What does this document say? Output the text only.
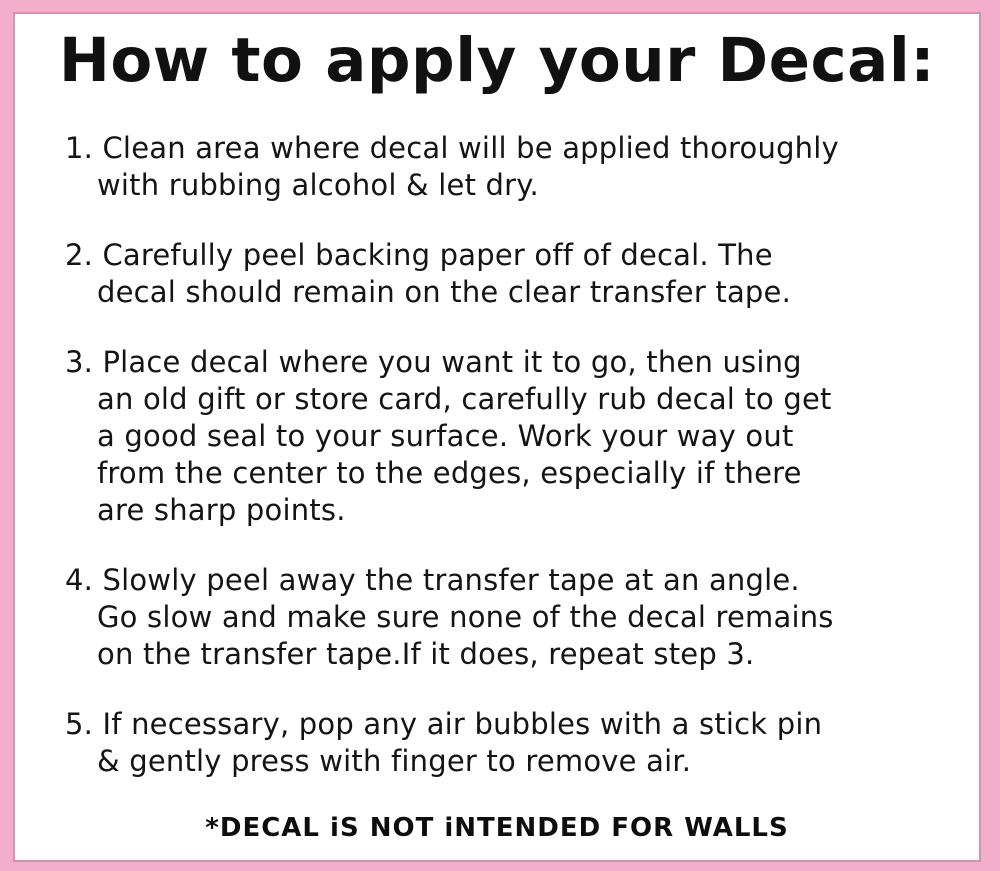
How to apply your Decal:
1. Clean area where decal will be applied thoroughly
with rubbing alcohol & let dry.
2. Carefully peel backing paper off of decal. The
decal should remain on the clear transfer tape.
3. Place decal where you want it to go, then using
an old gift or store card, carefully rub decal to get
a good seal to your surface. Work your way out
from the center to the edges, especially if there
are sharp points.
4. Slowly peel away the transfer tape at an angle.
Go slow and make sure none of the decal remains
on the transfer tape.If it does, repeat step 3.
5. If necessary, pop any air bubbles with a stick pin
& gently press with finger to remove air.
*DECAL iS NOT iNTENDED FOR WALLS
